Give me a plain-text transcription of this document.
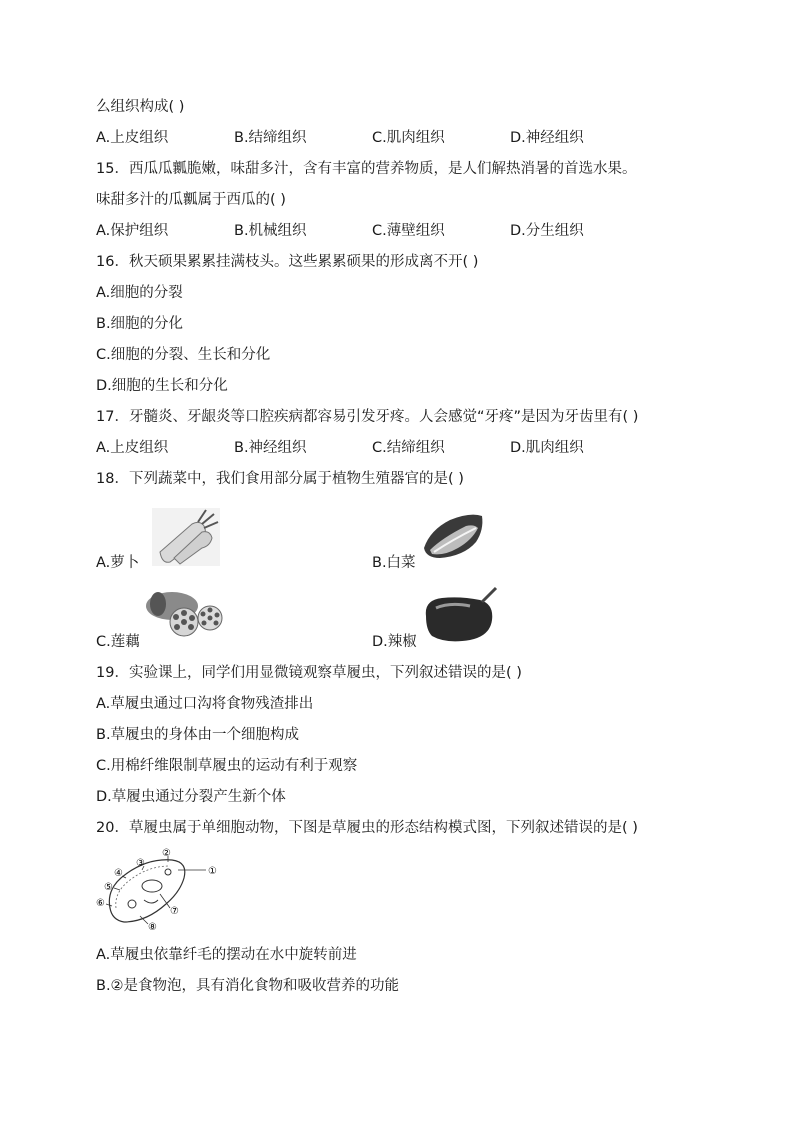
么组织构成( )
A.上皮组织	B.结缔组织	C.肌肉组织	D.神经组织
15．西瓜瓜瓤脆嫩，味甜多汁，含有丰富的营养物质，是人们解热消暑的首选水果。
味甜多汁的瓜瓤属于西瓜的( )
A.保护组织	B.机械组织	C.薄壁组织	D.分生组织
16．秋天硕果累累挂满枝头。这些累累硕果的形成离不开( )
A.细胞的分裂
B.细胞的分化
C.细胞的分裂、生长和分化
D.细胞的生长和分化
17．牙髓炎、牙龈炎等口腔疾病都容易引发牙疼。人会感觉“牙疼”是因为牙齿里有( )
A.上皮组织	B.神经组织	C.结缔组织	D.肌肉组织
18．下列蔬菜中，我们食用部分属于植物生殖器官的是( )
A.萝卜	B.白菜
C.莲藕	D.辣椒
19．实验课上，同学们用显微镜观察草履虫，下列叙述错误的是( )
A.草履虫通过口沟将食物残渣排出
B.草履虫的身体由一个细胞构成
C.用棉纤维限制草履虫的运动有利于观察
D.草履虫通过分裂产生新个体
20．草履虫属于单细胞动物，下图是草履虫的形态结构模式图，下列叙述错误的是( )
①
②
③
④
⑤
⑥
⑦
⑧
A.草履虫依靠纤毛的摆动在水中旋转前进
B.②是食物泡，具有消化食物和吸收营养的功能
